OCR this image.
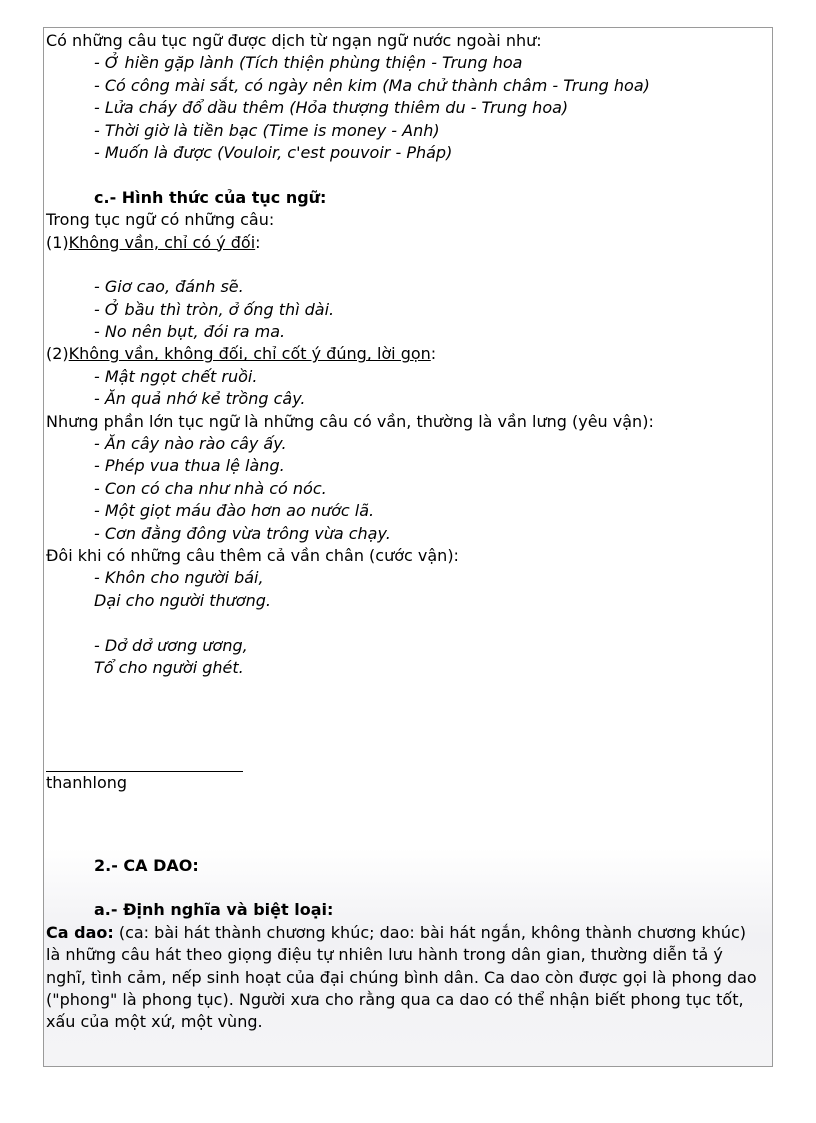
Có những câu tục ngữ được dịch từ ngạn ngữ nước ngoài như:
- Ở hiền gặp lành (Tích thiện phùng thiện - Trung hoa
- Có công mài sắt, có ngày nên kim (Ma chử thành châm - Trung hoa)
- Lửa cháy đổ dầu thêm (Hỏa thượng thiêm du - Trung hoa)
- Thời giờ là tiền bạc (Time is money - Anh)
- Muốn là được (Vouloir, c'est pouvoir - Pháp)
c.- Hình thức của tục ngữ:
Trong tục ngữ có những câu:
(1)Không vần, chỉ có ý đối:
- Giơ cao, đánh sẽ.
- Ở bầu thì tròn, ở ống thì dài.
- No nên bụt, đói ra ma.
(2)Không vần, không đối, chỉ cốt ý đúng, lời gọn:
- Mật ngọt chết ruồi.
- Ăn quả nhớ kẻ trồng cây.
Nhưng phần lớn tục ngữ là những câu có vần, thường là vần lưng (yêu vận):
- Ăn cây nào rào cây ấy.
- Phép vua thua lệ làng.
- Con có cha như nhà có nóc.
- Một giọt máu đào hơn ao nước lã.
- Cơn đằng đông vừa trông vừa chạy.
Đôi khi có những câu thêm cả vần chân (cước vận):
- Khôn cho người bái,
Dại cho người thương.
- Dở dở ương ương,
Tổ cho người ghét.
thanhlong
2.- CA DAO:
a.- Định nghĩa và biệt loại:
Ca dao: (ca: bài hát thành chương khúc; dao: bài hát ngắn, không thành chương khúc) là những câu hát theo giọng điệu tự nhiên lưu hành trong dân gian, thường diễn tả ý nghĩ, tình cảm, nếp sinh hoạt của đại chúng bình dân. Ca dao còn được gọi là phong dao ("phong" là phong tục). Người xưa cho rằng qua ca dao có thể nhận biết phong tục tốt, xấu của một xứ, một vùng.
